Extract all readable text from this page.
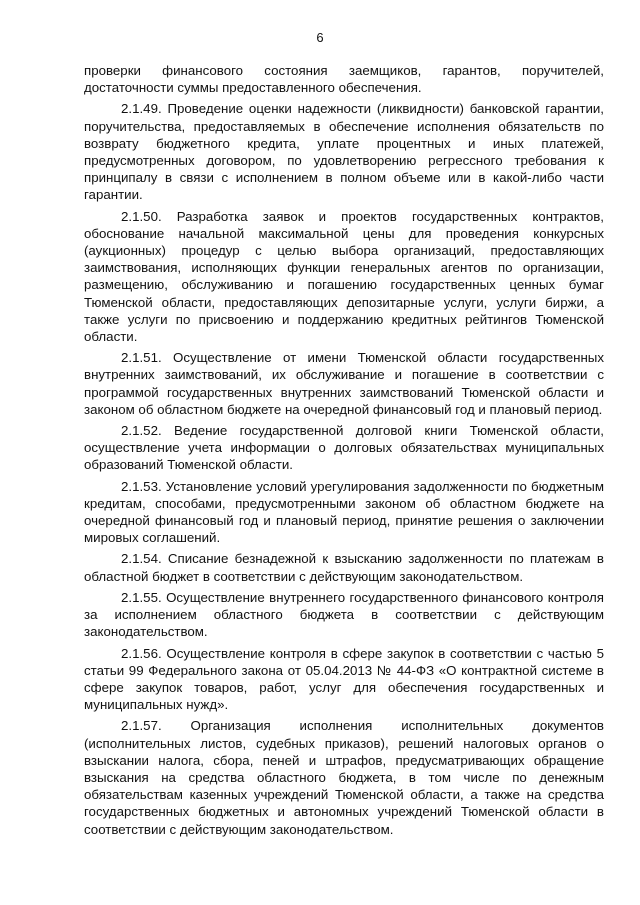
6

проверки финансового состояния заемщиков, гарантов, поручителей, достаточности суммы предоставленного обеспечения.

2.1.49. Проведение оценки надежности (ликвидности) банковской гарантии, поручительства, предоставляемых в обеспечение исполнения обязательств по возврату бюджетного кредита, уплате процентных и иных платежей, предусмотренных договором, по удовлетворению регрессного требования к принципалу в связи с исполнением в полном объеме или в какой-либо части гарантии.

2.1.50. Разработка заявок и проектов государственных контрактов, обоснование начальной максимальной цены для проведения конкурсных (аукционных) процедур с целью выбора организаций, предоставляющих заимствования, исполняющих функции генеральных агентов по организации, размещению, обслуживанию и погашению государственных ценных бумаг Тюменской области, предоставляющих депозитарные услуги, услуги биржи, а также услуги по присвоению и поддержанию кредитных рейтингов Тюменской области.

2.1.51. Осуществление от имени Тюменской области государственных внутренних заимствований, их обслуживание и погашение в соответствии с программой государственных внутренних заимствований Тюменской области и законом об областном бюджете на очередной финансовый год и плановый период.

2.1.52. Ведение государственной долговой книги Тюменской области, осуществление учета информации о долговых обязательствах муниципальных образований Тюменской области.

2.1.53. Установление условий урегулирования задолженности по бюджетным кредитам, способами, предусмотренными законом об областном бюджете на очередной финансовый год и плановый период, принятие решения о заключении мировых соглашений.

2.1.54. Списание безнадежной к взысканию задолженности по платежам в областной бюджет в соответствии с действующим законодательством.

2.1.55. Осуществление внутреннего государственного финансового контроля за исполнением областного бюджета в соответствии с действующим законодательством.

2.1.56. Осуществление контроля в сфере закупок в соответствии с частью 5 статьи 99 Федерального закона от 05.04.2013 № 44-ФЗ «О контрактной системе в сфере закупок товаров, работ, услуг для обеспечения государственных и муниципальных нужд».

2.1.57. Организация исполнения исполнительных документов (исполнительных листов, судебных приказов), решений налоговых органов о взыскании налога, сбора, пеней и штрафов, предусматривающих обращение взыскания на средства областного бюджета, в том числе по денежным обязательствам казенных учреждений Тюменской области, а также на средства государственных бюджетных и автономных учреждений Тюменской области в соответствии с действующим законодательством.
